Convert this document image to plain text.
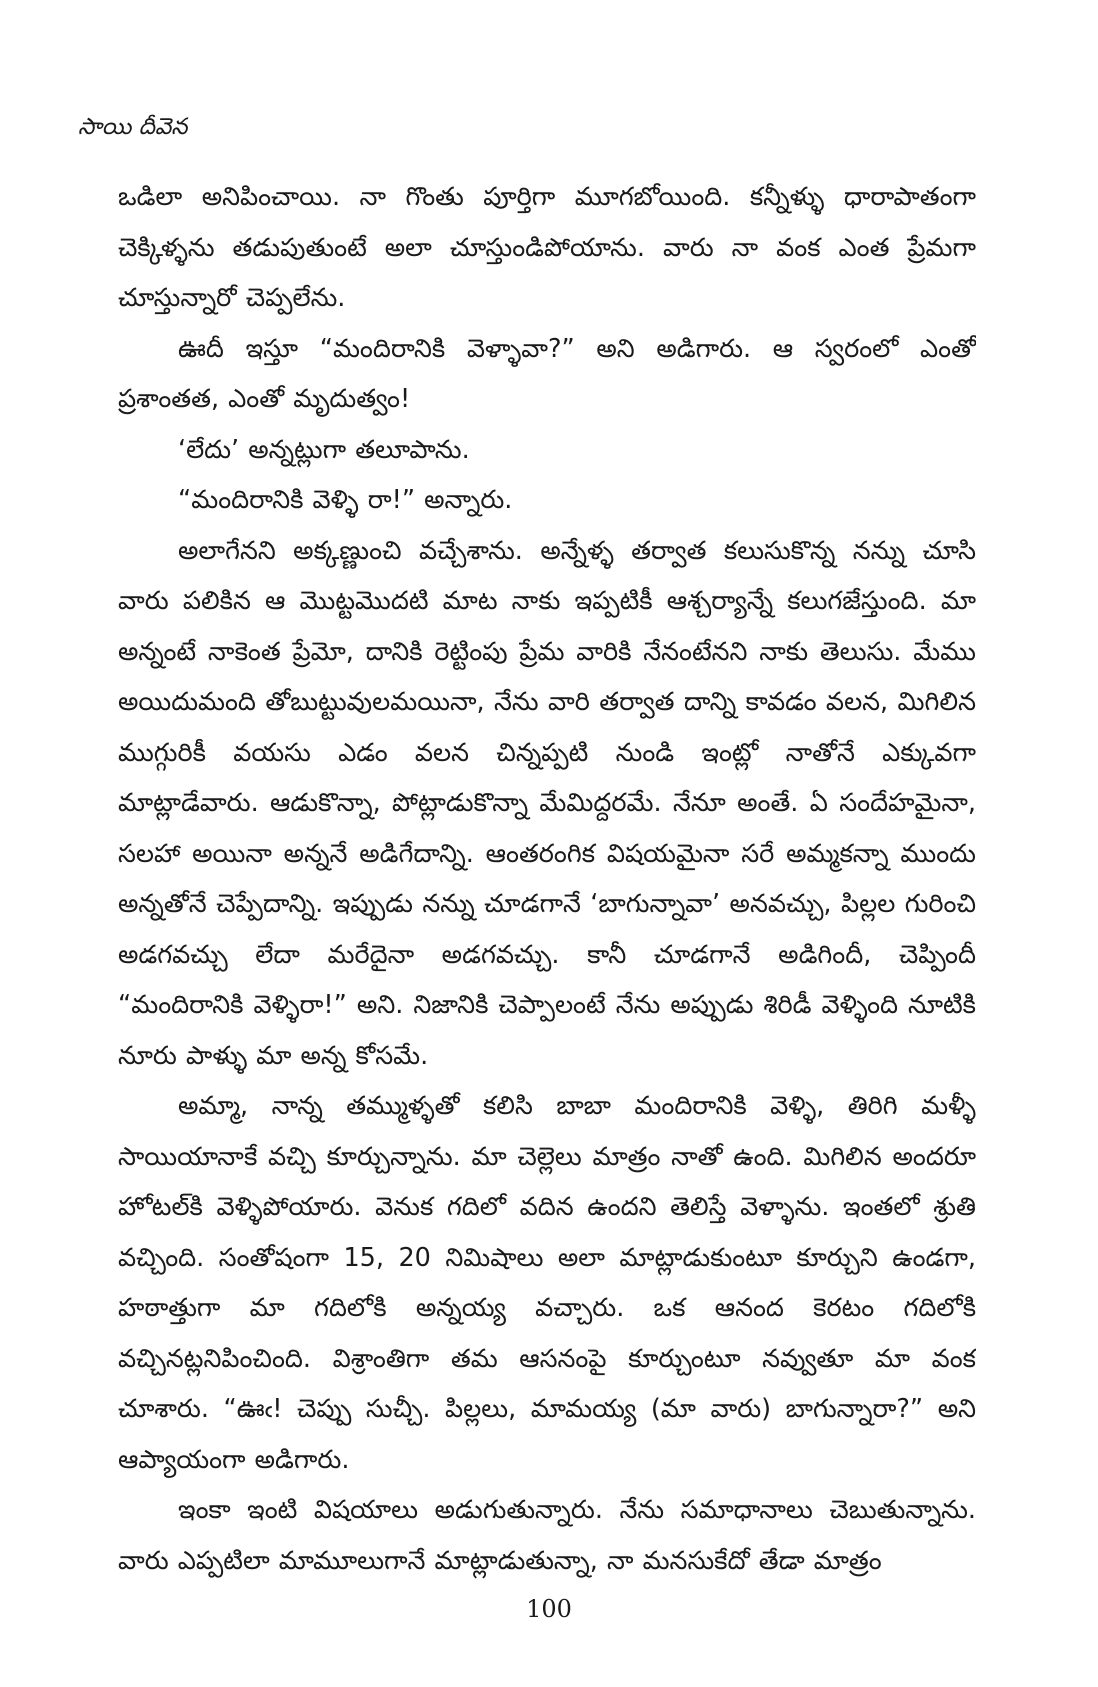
సాయి దీవెన

ఒడిలా అనిపించాయి. నా గొంతు పూర్తిగా మూగబోయింది. కన్నీళ్ళు ధారాపాతంగా చెక్కిళ్ళను తడుపుతుంటే అలా చూస్తుండిపోయాను. వారు నా వంక ఎంత ప్రేమగా చూస్తున్నారో చెప్పలేను.

ఊదీ ఇస్తూ “మందిరానికి వెళ్ళావా?” అని అడిగారు. ఆ స్వరంలో ఎంతో ప్రశాంతత, ఎంతో మృదుత్వం!

‘లేదు’ అన్నట్లుగా తలూపాను.

“మందిరానికి వెళ్ళి రా!” అన్నారు.

అలాగేనని అక్కణ్ణుంచి వచ్చేశాను. అన్నేళ్ళ తర్వాత కలుసుకొన్న నన్ను చూసి వారు పలికిన ఆ మొట్టమొదటి మాట నాకు ఇప్పటికీ ఆశ్చర్యాన్నే కలుగజేస్తుంది. మా అన్నంటే నాకెంత ప్రేమో, దానికి రెట్టింపు ప్రేమ వారికి నేనంటేనని నాకు తెలుసు. మేము అయిదుమంది తోబుట్టువులమయినా, నేను వారి తర్వాత దాన్ని కావడం వలన, మిగిలిన ముగ్గురికీ వయసు ఎడం వలన చిన్నప్పటి నుండి ఇంట్లో నాతోనే ఎక్కువగా మాట్లాడేవారు. ఆడుకొన్నా, పోట్లాడుకొన్నా మేమిద్దరమే. నేనూ అంతే. ఏ సందేహమైనా, సలహా అయినా అన్ననే అడిగేదాన్ని. ఆంతరంగిక విషయమైనా సరే అమ్మకన్నా ముందు అన్నతోనే చెప్పేదాన్ని. ఇప్పుడు నన్ను చూడగానే ‘బాగున్నావా’ అనవచ్చు, పిల్లల గురించి అడగవచ్చు లేదా మరేదైనా అడగవచ్చు. కానీ చూడగానే అడిగిందీ, చెప్పిందీ “మందిరానికి వెళ్ళిరా!” అని. నిజానికి చెప్పాలంటే నేను అప్పుడు శిరిడీ వెళ్ళింది నూటికి నూరు పాళ్ళు మా అన్న కోసమే.

అమ్మా, నాన్న తమ్ముళ్ళతో కలిసి బాబా మందిరానికి వెళ్ళి, తిరిగి మళ్ళీ సాయియానాకే వచ్చి కూర్చున్నాను. మా చెల్లెలు మాత్రం నాతో ఉంది. మిగిలిన అందరూ హోటల్‌కి వెళ్ళిపోయారు. వెనుక గదిలో వదిన ఉందని తెలిస్తే వెళ్ళాను. ఇంతలో శ్రుతి వచ్చింది. సంతోషంగా 15, 20 నిమిషాలు అలా మాట్లాడుకుంటూ కూర్చుని ఉండగా, హఠాత్తుగా మా గదిలోకి అన్నయ్య వచ్చారు. ఒక ఆనంద కెరటం గదిలోకి వచ్చినట్లనిపించింది. విశ్రాంతిగా తమ ఆసనంపై కూర్చుంటూ నవ్వుతూ మా వంక చూశారు. “ఊఁ! చెప్పు సుచ్చీ. పిల్లలు, మామయ్య (మా వారు) బాగున్నారా?” అని ఆప్యాయంగా అడిగారు.

ఇంకా ఇంటి విషయాలు అడుగుతున్నారు. నేను సమాధానాలు చెబుతున్నాను. వారు ఎప్పటిలా మామూలుగానే మాట్లాడుతున్నా, నా మనసుకేదో తేడా మాత్రం

100
